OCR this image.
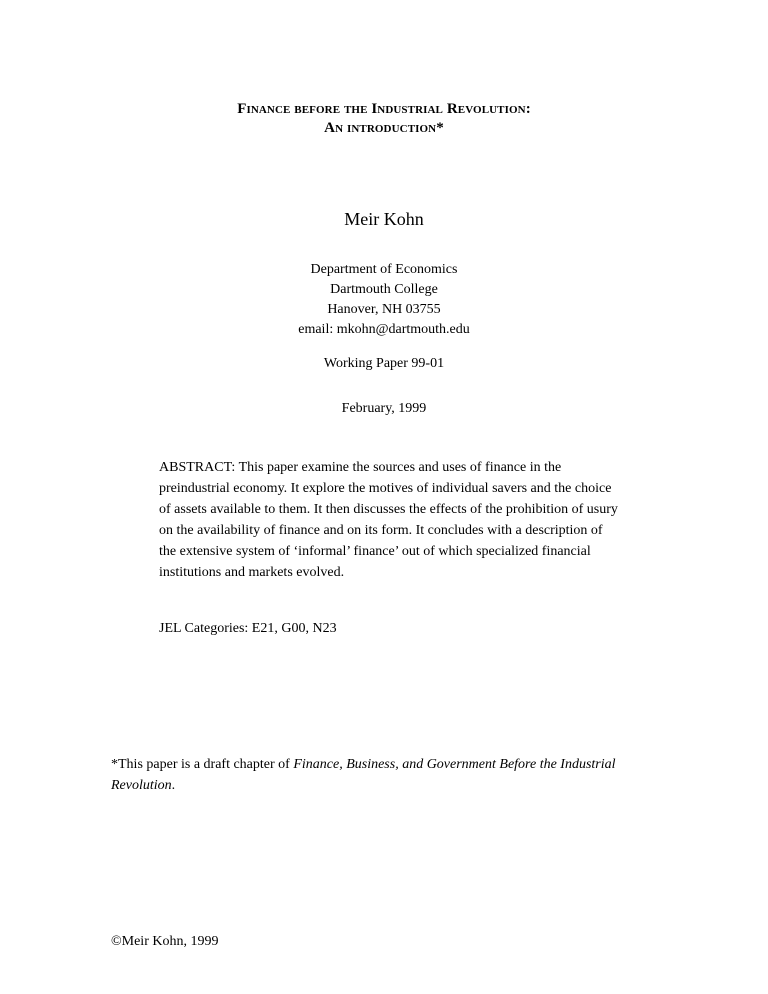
Finance before the Industrial Revolution:
An introduction*
Meir Kohn
Department of Economics
Dartmouth College
Hanover, NH 03755
email: mkohn@dartmouth.edu
Working Paper 99-01
February, 1999

ABSTRACT: This paper examine the sources and uses of finance in the preindustrial economy. It explore the motives of individual savers and the choice of assets available to them. It then discusses the effects of the prohibition of usury on the availability of finance and on its form. It concludes with a description of the extensive system of ‘informal’ finance’ out of which specialized financial institutions and markets evolved.

JEL Categories: E21, G00, N23

*This paper is a draft chapter of Finance, Business, and Government Before the Industrial Revolution.

©Meir Kohn, 1999
